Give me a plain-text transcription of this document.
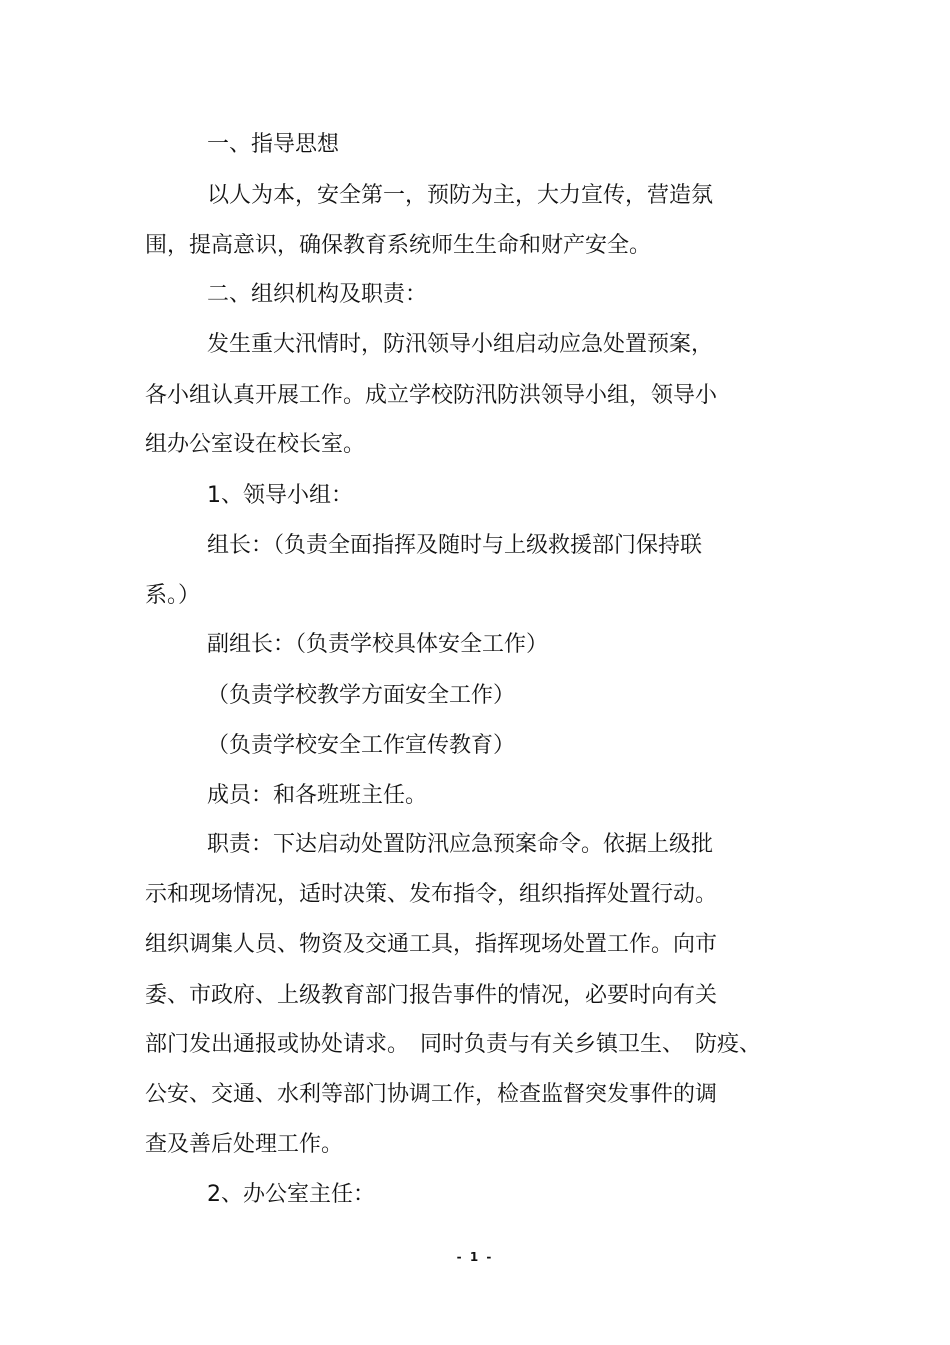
一、指导思想
以人为本，安全第一，预防为主，大力宣传，营造氛
围，提高意识，确保教育系统师生生命和财产安全。
二、组织机构及职责：
发生重大汛情时，防汛领导小组启动应急处置预案，
各小组认真开展工作。成立学校防汛防洪领导小组，领导小
组办公室设在校长室。
1、领导小组：
组长：（负责全面指挥及随时与上级救援部门保持联
系。）
副组长：（负责学校具体安全工作）
（负责学校教学方面安全工作）
（负责学校安全工作宣传教育）
成员：和各班班主任。
职责：下达启动处置防汛应急预案命令。依据上级批
示和现场情况，适时决策、发布指令，组织指挥处置行动。
组织调集人员、物资及交通工具，指挥现场处置工作。向市
委、市政府、上级教育部门报告事件的情况，必要时向有关
部门发出通报或协处请求。　同时负责与有关乡镇卫生、　防疫、
公安、交通、水利等部门协调工作，检查监督突发事件的调
查及善后处理工作。
2、办公室主任：
- 1 -
